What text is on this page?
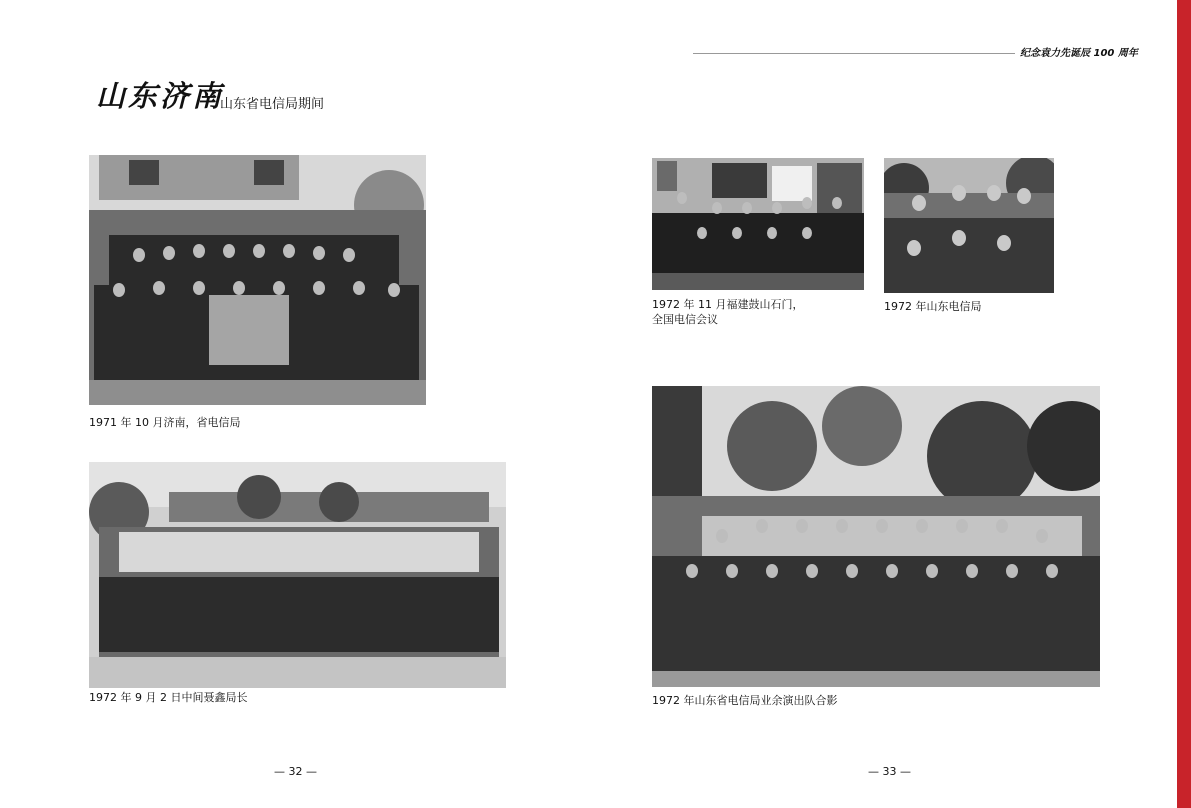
纪念袁力先诞辰 100 周年
山东济南
山东省电信局期间
1971 年 10 月济南，省电信局
1972 年 9 月 2 日中间聂鑫局长
1972 年 11 月福建鼓山石门，
全国电信会议
1972 年山东电信局
1972 年山东省电信局业余演出队合影
— 32 —	— 33 —
